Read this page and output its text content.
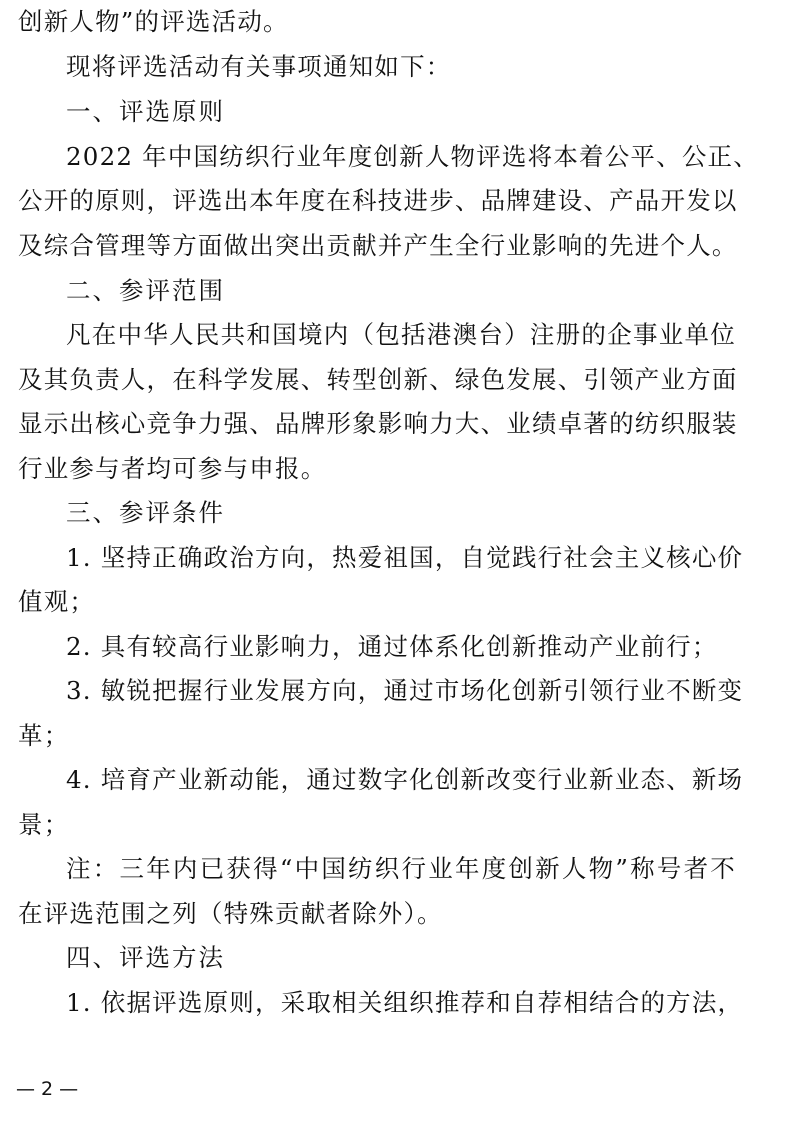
创新人物”的评选活动。
现将评选活动有关事项通知如下：
一、评选原则
2022 年中国纺织行业年度创新人物评选将本着公平、公正、
公开的原则，评选出本年度在科技进步、品牌建设、产品开发以
及综合管理等方面做出突出贡献并产生全行业影响的先进个人。
二、参评范围
凡在中华人民共和国境内（包括港澳台）注册的企事业单位
及其负责人，在科学发展、转型创新、绿色发展、引领产业方面
显示出核心竞争力强、品牌形象影响力大、业绩卓著的纺织服装
行业参与者均可参与申报。
三、参评条件
1. 坚持正确政治方向，热爱祖国，自觉践行社会主义核心价
值观；
2. 具有较高行业影响力，通过体系化创新推动产业前行；
3. 敏锐把握行业发展方向，通过市场化创新引领行业不断变
革；
4. 培育产业新动能，通过数字化创新改变行业新业态、新场
景；
注：三年内已获得“中国纺织行业年度创新人物”称号者不
在评选范围之列（特殊贡献者除外）。
四、评选方法
1. 依据评选原则，采取相关组织推荐和自荐相结合的方法，
— 2 —
